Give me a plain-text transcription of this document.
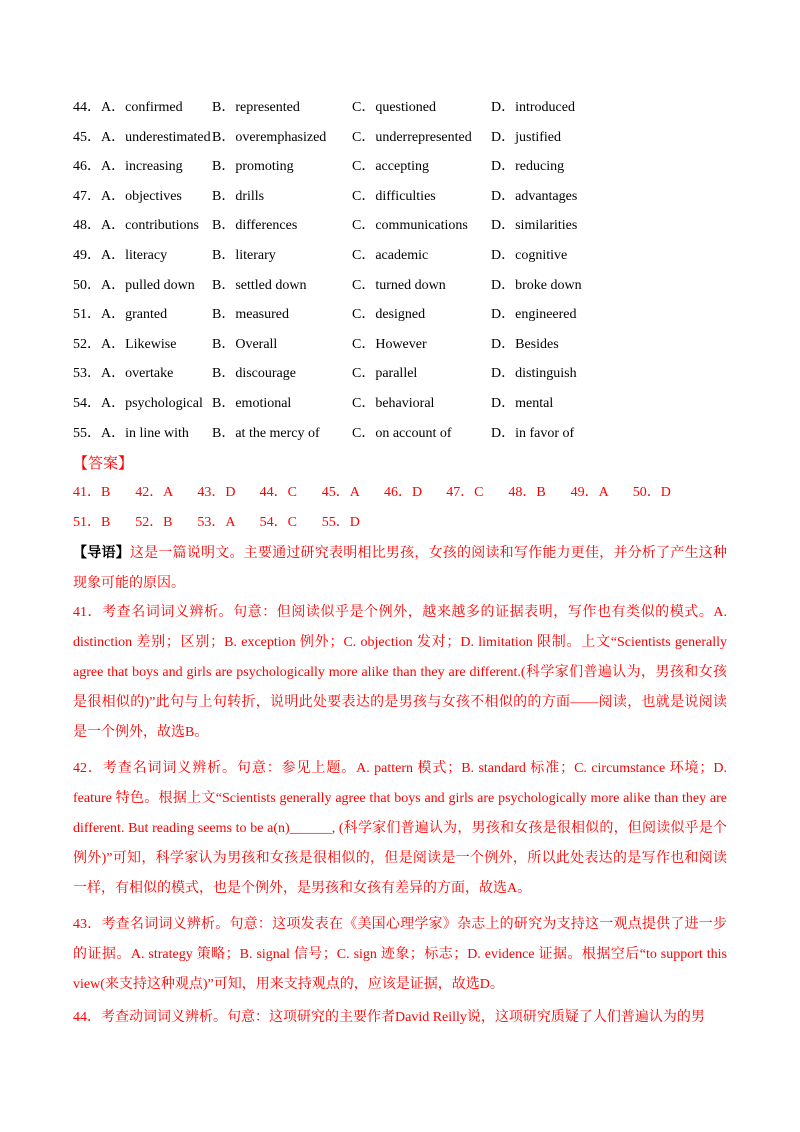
44．A．confirmed B．represented	C．questioned	D．introduced
45．A．underestimated B．overemphasized C．underrepresented D．justified
46．A．increasing B．promoting	C．accepting	D．reducing
47．A．objectives B．drills	C．difficulties	D．advantages
48．A．contributions B．differences	C．communications D．similarities
49．A．literacy	B．literary	C．academic	D．cognitive
50．A．pulled down B．settled down	C．turned down	D．broke down
51．A．granted	B．measured	C．designed	D．engineered
52．A．Likewise	B．Overall	C．However	D．Besides
53．A．overtake	B．discourage	C．parallel	D．distinguish
54．A．psychological B．emotional	C．behavioral	D．mental
55．A．in line with B．at the mercy of C．on account of	D．in favor of
【答案】
41．B 42．A 43．D 44．C 45．A 46．D 47．C 48．B 49．A 50．D
51．B 52．B 53．A 54．C 55．D
【导语】这是一篇说明文。主要通过研究表明相比男孩，女孩的阅读和写作能力更佳，并分析了产生这种现象可能的原因。
41．考查名词词义辨析。句意：但阅读似乎是个例外，越来越多的证据表明，写作也有类似的模式。A. distinction 差别；区别；B. exception 例外；C. objection 发对；D. limitation 限制。上文“Scientists generally agree that boys and girls are psychologically more alike than they are different.(科学家们普遍认为，男孩和女孩是很相似的)”此句与上句转折，说明此处要表达的是男孩与女孩不相似的的方面——阅读，也就是说阅读是一个例外，故选B。
42．考查名词词义辨析。句意：参见上题。A. pattern 模式；B. standard 标准；C. circumstance 环境；D. feature 特色。根据上文“Scientists generally agree that boys and girls are psychologically more alike than they are different. But reading seems to be a(n)______, (科学家们普遍认为，男孩和女孩是很相似的，但阅读似乎是个例外)”可知，科学家认为男孩和女孩是很相似的，但是阅读是一个例外，所以此处表达的是写作也和阅读一样，有相似的模式，也是个例外，是男孩和女孩有差异的方面，故选A。
43．考查名词词义辨析。句意：这项发表在《美国心理学家》杂志上的研究为支持这一观点提供了进一步的证据。A. strategy 策略；B. signal 信号；C. sign 迹象；标志；D. evidence 证据。根据空后“to support this view(来支持这种观点)”可知，用来支持观点的，应该是证据，故选D。
44．考查动词词义辨析。句意：这项研究的主要作者David Reilly说，这项研究质疑了人们普遍认为的男
